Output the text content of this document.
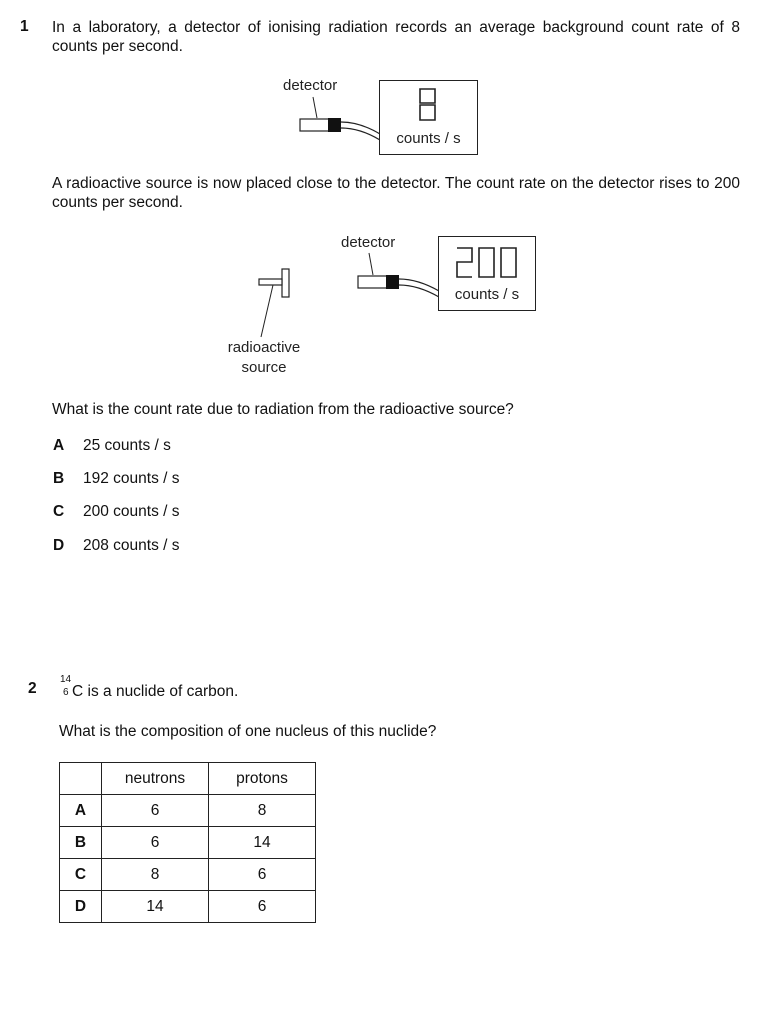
1 In a laboratory, a detector of ionising radiation records an average background count rate of 8 counts per second.
detector
counts / s
A radioactive source is now placed close to the detector. The count rate on the detector rises to 200 counts per second.
radioactive
source
detector
counts / s
What is the count rate due to radiation from the radioactive source?
A 25 counts / s
B 192 counts / s
C 200 counts / s
D 208 counts / s
2
14
6 C is a nuclide of carbon.
What is the composition of one nucleus of this nuclide?
	neutrons	protons
A	6	8
B	6	14
C	8	6
D	14	6
